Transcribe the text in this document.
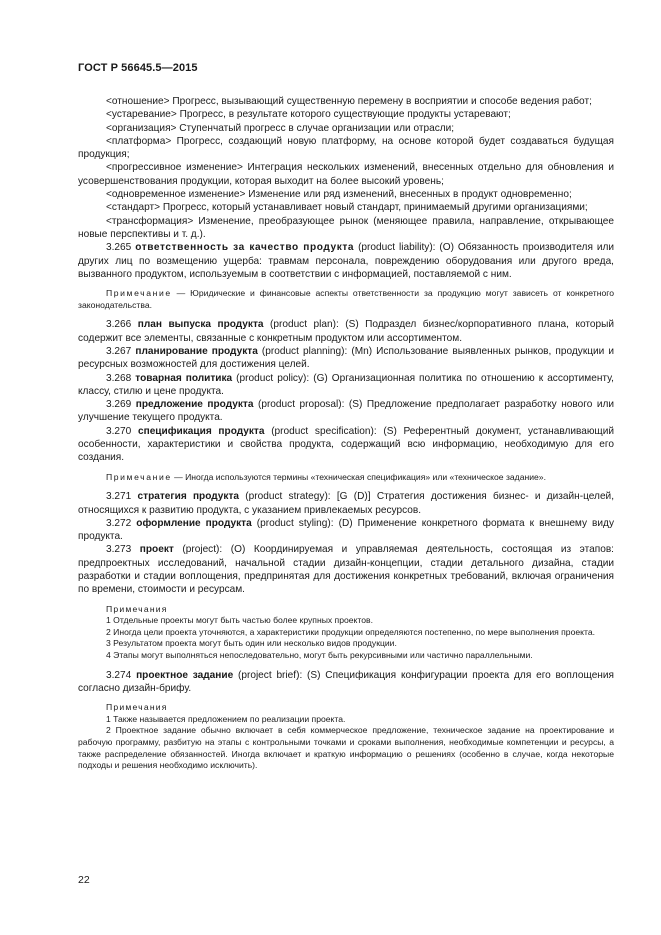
ГОСТ Р 56645.5—2015

<отношение> Прогресс, вызывающий существенную перемену в восприятии и способе ведения работ;

<устаревание> Прогресс, в результате которого существующие продукты устаревают;

<организация> Ступенчатый прогресс в случае организации или отрасли;

<платформа> Прогресс, создающий новую платформу, на основе которой будет создаваться будущая продукция;

<прогрессивное изменение> Интеграция нескольких изменений, внесенных отдельно для обновления и усовершенствования продукции, которая выходит на более высокий уровень;

<одновременное изменение> Изменение или ряд изменений, внесенных в продукт одновременно;

<стандарт> Прогресс, который устанавливает новый стандарт, принимаемый другими организациями;

<трансформация> Изменение, преобразующее рынок (меняющее правила, направление, открывающее новые перспективы и т. д.).

3.265 ответственность за качество продукта (product liability): (O) Обязанность производителя или других лиц по возмещению ущерба: травмам персонала, повреждению оборудования или другого вреда, вызванного продуктом, используемым в соответствии с информацией, поставляемой с ним.

Примечание — Юридические и финансовые аспекты ответственности за продукцию могут зависеть от конкретного законодательства.

3.266 план выпуска продукта (product plan): (S) Подраздел бизнес/корпоративного плана, который содержит все элементы, связанные с конкретным продуктом или ассортиментом.

3.267 планирование продукта (product planning): (Mn) Использование выявленных рынков, продукции и ресурсных возможностей для достижения целей.

3.268 товарная политика (product policy): (G) Организационная политика по отношению к ассортименту, классу, стилю и цене продукта.

3.269 предложение продукта (product proposal): (S) Предложение предполагает разработку нового или улучшение текущего продукта.

3.270 спецификация продукта (product specification): (S) Референтный документ, устанавливающий особенности, характеристики и свойства продукта, содержащий всю информацию, необходимую для его создания.

Примечание — Иногда используются термины «техническая спецификация» или «техническое задание».

3.271 стратегия продукта (product strategy): [G (D)] Стратегия достижения бизнес- и дизайн-целей, относящихся к развитию продукта, с указанием привлекаемых ресурсов.

3.272 оформление продукта (product styling): (D) Применение конкретного формата к внешнему виду продукта.

3.273 проект (project): (O) Координируемая и управляемая деятельность, состоящая из этапов: предпроектных исследований, начальной стадии дизайн-концепции, стадии детального дизайна, стадии разработки и стадии воплощения, предпринятая для достижения конкретных требований, включая ограничения по времени, стоимости и ресурсам.

Примечания

1 Отдельные проекты могут быть частью более крупных проектов.

2 Иногда цели проекта уточняются, а характеристики продукции определяются постепенно, по мере выполнения проекта.

3 Результатом проекта могут быть один или несколько видов продукции.

4 Этапы могут выполняться непоследовательно, могут быть рекурсивными или частично параллельными.

3.274 проектное задание (project brief): (S) Спецификация конфигурации проекта для его воплощения согласно дизайн-брифу.

Примечания

1 Также называется предложением по реализации проекта.

2 Проектное задание обычно включает в себя коммерческое предложение, техническое задание на проектирование и рабочую программу, разбитую на этапы с контрольными точками и сроками выполнения, необходимые компетенции и ресурсы, а также распределение обязанностей. Иногда включает и краткую информацию о решениях (особенно в случае, когда некоторые подходы и решения необходимо исключить).

22
